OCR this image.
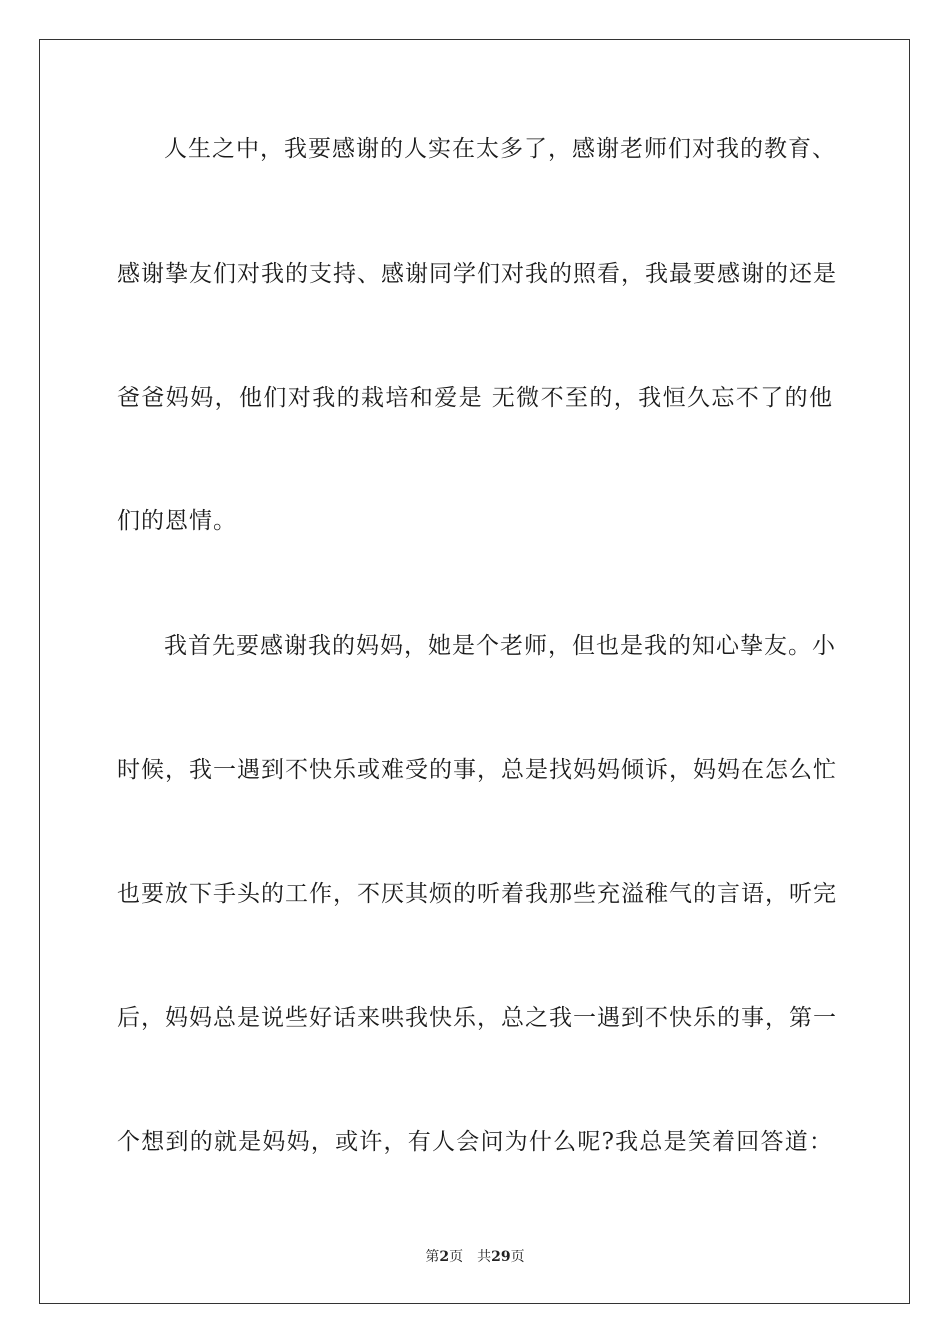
人生之中，我要感谢的人实在太多了，感谢老师们对我的教育、
感谢挚友们对我的支持、感谢同学们对我的照看，我最要感谢的还是
爸爸妈妈，他们对我的栽培和爱是 无微不至的，我恒久忘不了的他
们的恩情。
我首先要感谢我的妈妈，她是个老师，但也是我的知心挚友。小
时候，我一遇到不快乐或难受的事，总是找妈妈倾诉，妈妈在怎么忙
也要放下手头的工作，不厌其烦的听着我那些充溢稚气的言语，听完
后，妈妈总是说些好话来哄我快乐，总之我一遇到不快乐的事，第一
个想到的就是妈妈，或许，有人会问为什么呢?我总是笑着回答道：
第2页 共29页
